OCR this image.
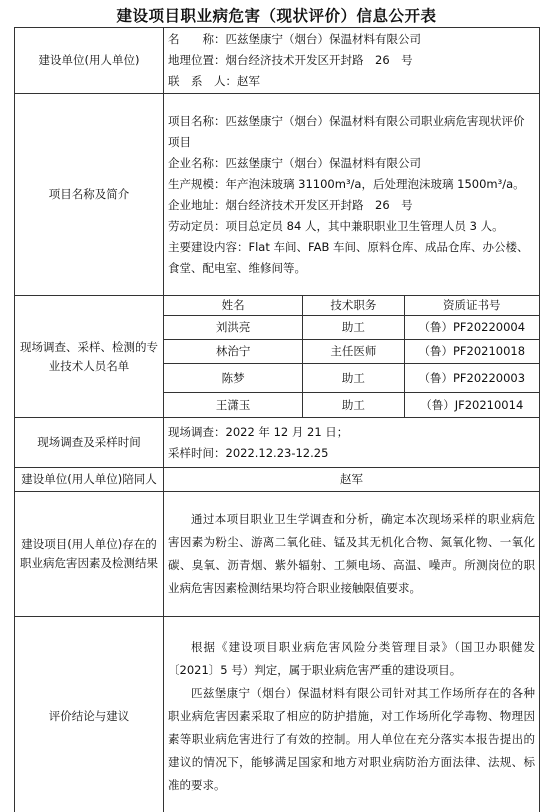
建设项目职业病危害（现状评价）信息公开表
建设单位(用人单位)	
名　　称：匹兹堡康宁（烟台）保温材料有限公司
地理位置：烟台经济技术开发区开封路　26　号
联　系　人：赵军

项目名称及简介	
项目名称：匹兹堡康宁（烟台）保温材料有限公司职业病危害现状评价项目
企业名称：匹兹堡康宁（烟台）保温材料有限公司
生产规模：年产泡沫玻璃 31100m³/a，后处理泡沫玻璃 1500m³/a。
企业地址：烟台经济技术开发区开封路　26　号
劳动定员：项目总定员 84 人，其中兼职职业卫生管理人员 3 人。
主要建设内容：Flat 车间、FAB 车间、原料仓库、成品仓库、办公楼、食堂、配电室、维修间等。

现场调查、采样、检测的专业技术人员名单	
姓名	技术职务	资质证书号
刘洪亮	助工	（鲁）PF20220004
林治宁	主任医师	（鲁）PF20210018
陈梦	助工	（鲁）PF20220003
王潇玉	助工	（鲁）JF20210014

现场调查及采样时间	
现场调查：2022 年 12 月 21 日；
采样时间：2022.12.23-12.25

建设单位(用人单位)陪同人	赵军
建设项目(用人单位)存在的职业病危害因素及检测结果	
通过本项目职业卫生学调查和分析，确定本次现场采样的职业病危害因素为粉尘、游离二氧化硅、锰及其无机化合物、氮氧化物、一氧化碳、臭氧、沥青烟、紫外辐射、工频电场、高温、噪声。所测岗位的职业病危害因素检测结果均符合职业接触限值要求。

评价结论与建议	
根据《建设项目职业病危害风险分类管理目录》（国卫办职健发〔2021〕5 号）判定，属于职业病危害严重的建设项目。
匹兹堡康宁（烟台）保温材料有限公司针对其工作场所存在的各种职业病危害因素采取了相应的防护措施，对工作场所化学毒物、物理因素等职业病危害进行了有效的控制。用人单位在充分落实本报告提出的建议的情况下，能够满足国家和地方对职业病防治方面法律、法规、标准的要求。
